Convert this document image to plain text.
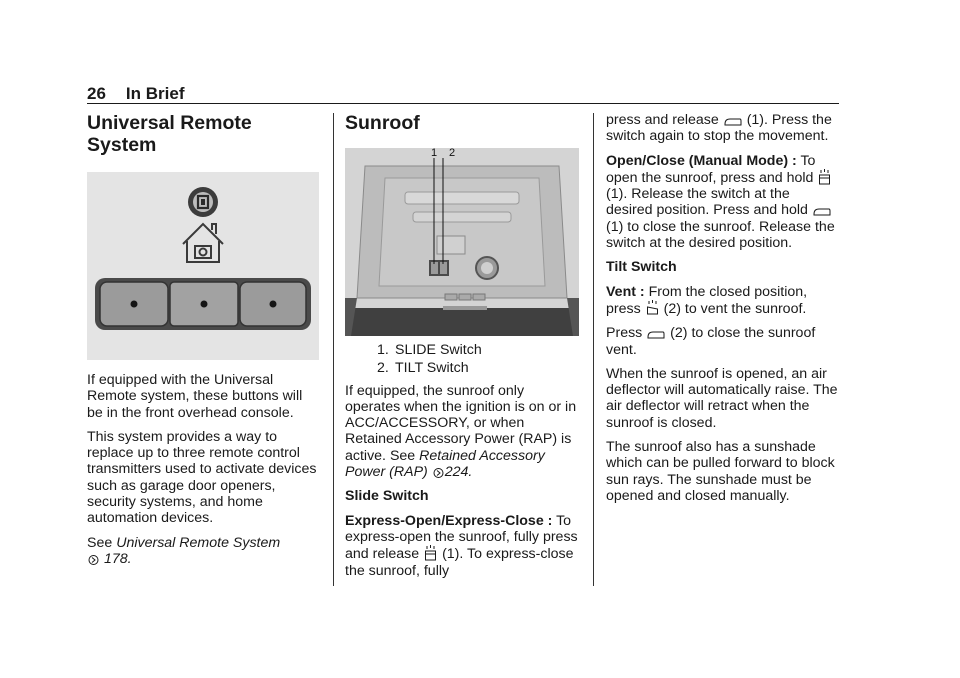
26 In Brief
Universal Remote System

If equipped with the Universal Remote system, these buttons will be in the front overhead console.

This system provides a way to replace up to three remote control transmitters used to activate devices such as garage door openers, security systems, and home automation devices.

See Universal Remote System
178.

Sunroof
1 2
1. SLIDE Switch
2. TILT Switch

If equipped, the sunroof only operates when the ignition is on or in ACC/ACCESSORY, or when Retained Accessory Power (RAP) is active. See Retained Accessory Power (RAP) 224.

Slide Switch

Express-Open/Express-Close : To express-open the sunroof, fully press and release (1). To express-close the sunroof, fully

press and release (1). Press the switch again to stop the movement.

Open/Close (Manual Mode) : To open the sunroof, press and hold  (1). Release the switch at the desired position. Press and hold  (1) to close the sunroof. Release the switch at the desired position.

Tilt Switch

Vent : From the closed position, press (2) to vent the sunroof.

Press (2) to close the sunroof vent.

When the sunroof is opened, an air deflector will automatically raise. The air deflector will retract when the sunroof is closed.

The sunroof also has a sunshade which can be pulled forward to block sun rays. The sunshade must be opened and closed manually.
